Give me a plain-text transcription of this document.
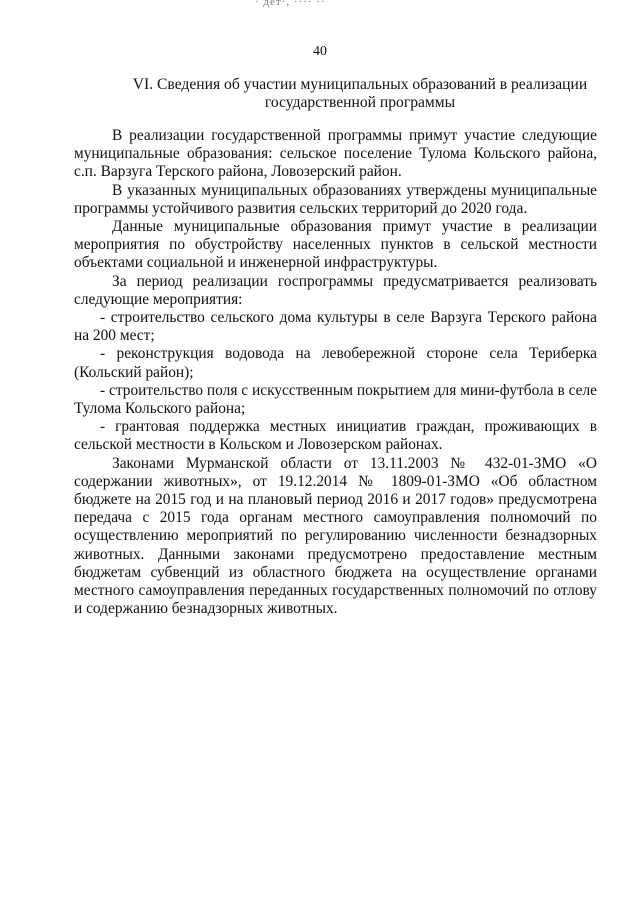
· дет·, ···· ··
40
VI. Сведения об участии муниципальных образований в реализации
государственной программы

В реализации государственной программы примут участие следующие муниципальные образования: сельское поселение Тулома Кольского района, с.п. Варзуга Терского района, Ловозерский район.

В указанных муниципальных образованиях утверждены муниципальные программы устойчивого развития сельских территорий до 2020 года.

Данные муниципальные образования примут участие в реализации мероприятия по обустройству населенных пунктов в сельской местности объектами социальной и инженерной инфраструктуры.

За период реализации госпрограммы предусматривается реализовать следующие мероприятия:

- строительство сельского дома культуры в селе Варзуга Терского района на 200 мест;

- реконструкция водовода на левобережной стороне села Териберка (Кольский район);

- строительство поля с искусственным покрытием для мини-футбола в селе Тулома Кольского района;

- грантовая поддержка местных инициатив граждан, проживающих в сельской местности в Кольском и Ловозерском районах.

Законами Мурманской области от 13.11.2003 № 432-01-ЗМО «О содержании животных», от 19.12.2014 № 1809-01-ЗМО «Об областном бюджете на 2015 год и на плановый период 2016 и 2017 годов» предусмотрена передача с 2015 года органам местного самоуправления полномочий по осуществлению мероприятий по регулированию численности безнадзорных животных. Данными законами предусмотрено предоставление местным бюджетам субвенций из областного бюджета на осуществление органами местного самоуправления переданных государственных полномочий по отлову и содержанию безнадзорных животных.
